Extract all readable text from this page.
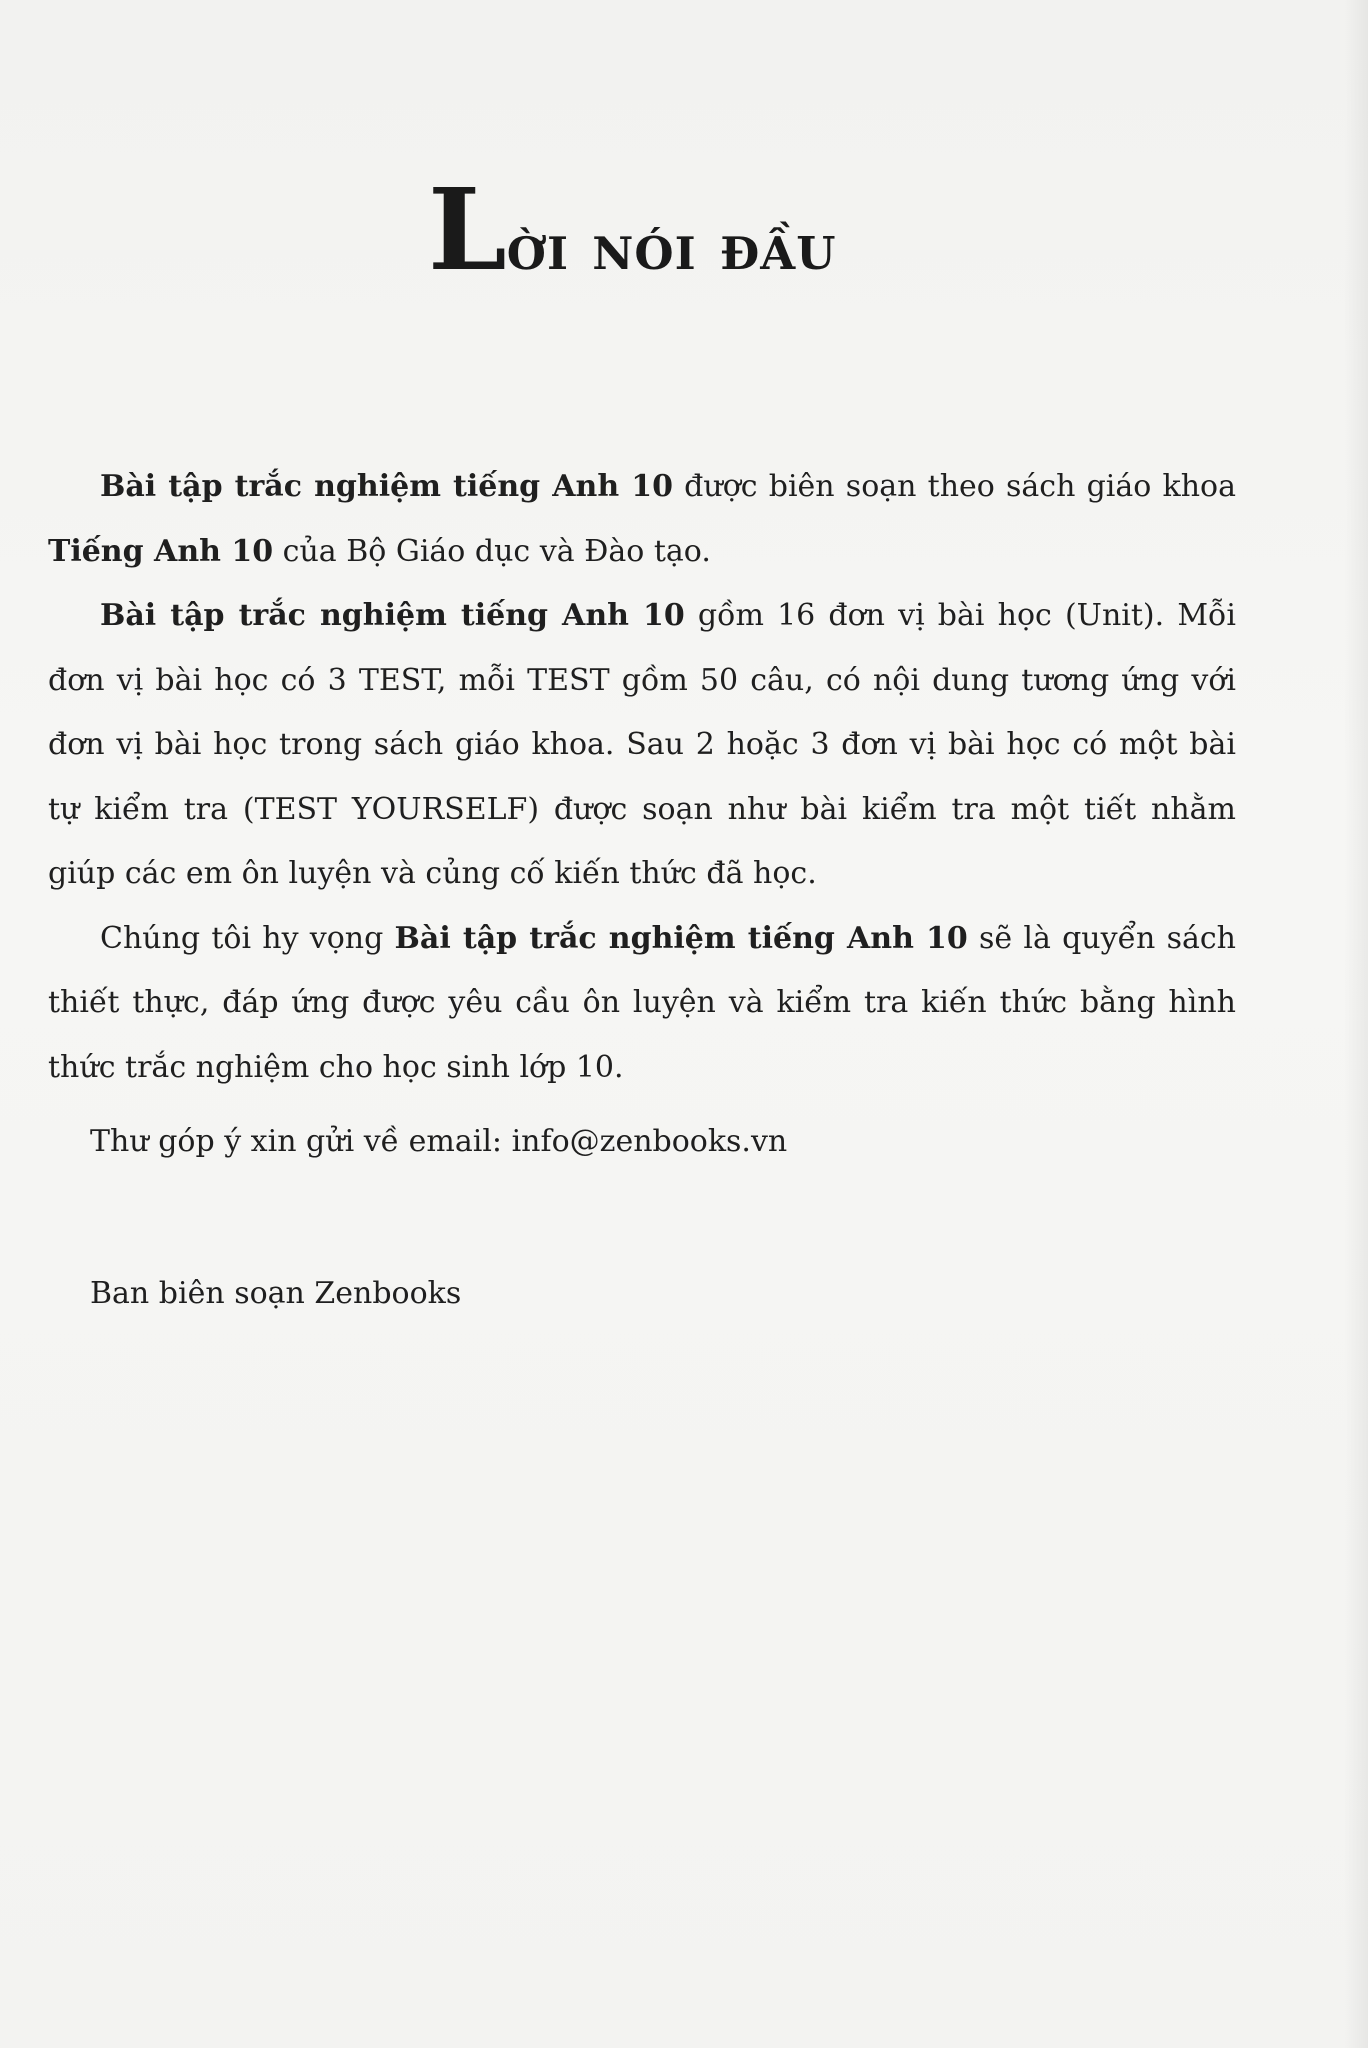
Lời nói đầu

Bài tập trắc nghiệm tiếng Anh 10 được biên soạn theo sách giáo khoa Tiếng Anh 10 của Bộ Giáo dục và Đào tạo.

Bài tập trắc nghiệm tiếng Anh 10 gồm 16 đơn vị bài học (Unit). Mỗi đơn vị bài học có 3 TEST, mỗi TEST gồm 50 câu, có nội dung tương ứng với đơn vị bài học trong sách giáo khoa. Sau 2 hoặc 3 đơn vị bài học có một bài tự kiểm tra (TEST YOURSELF) được soạn như bài kiểm tra một tiết nhằm giúp các em ôn luyện và củng cố kiến thức đã học.

Chúng tôi hy vọng Bài tập trắc nghiệm tiếng Anh 10 sẽ là quyển sách thiết thực, đáp ứng được yêu cầu ôn luyện và kiểm tra kiến thức bằng hình thức trắc nghiệm cho học sinh lớp 10.

Thư góp ý xin gửi về email: info@zenbooks.vn

Ban biên soạn Zenbooks
